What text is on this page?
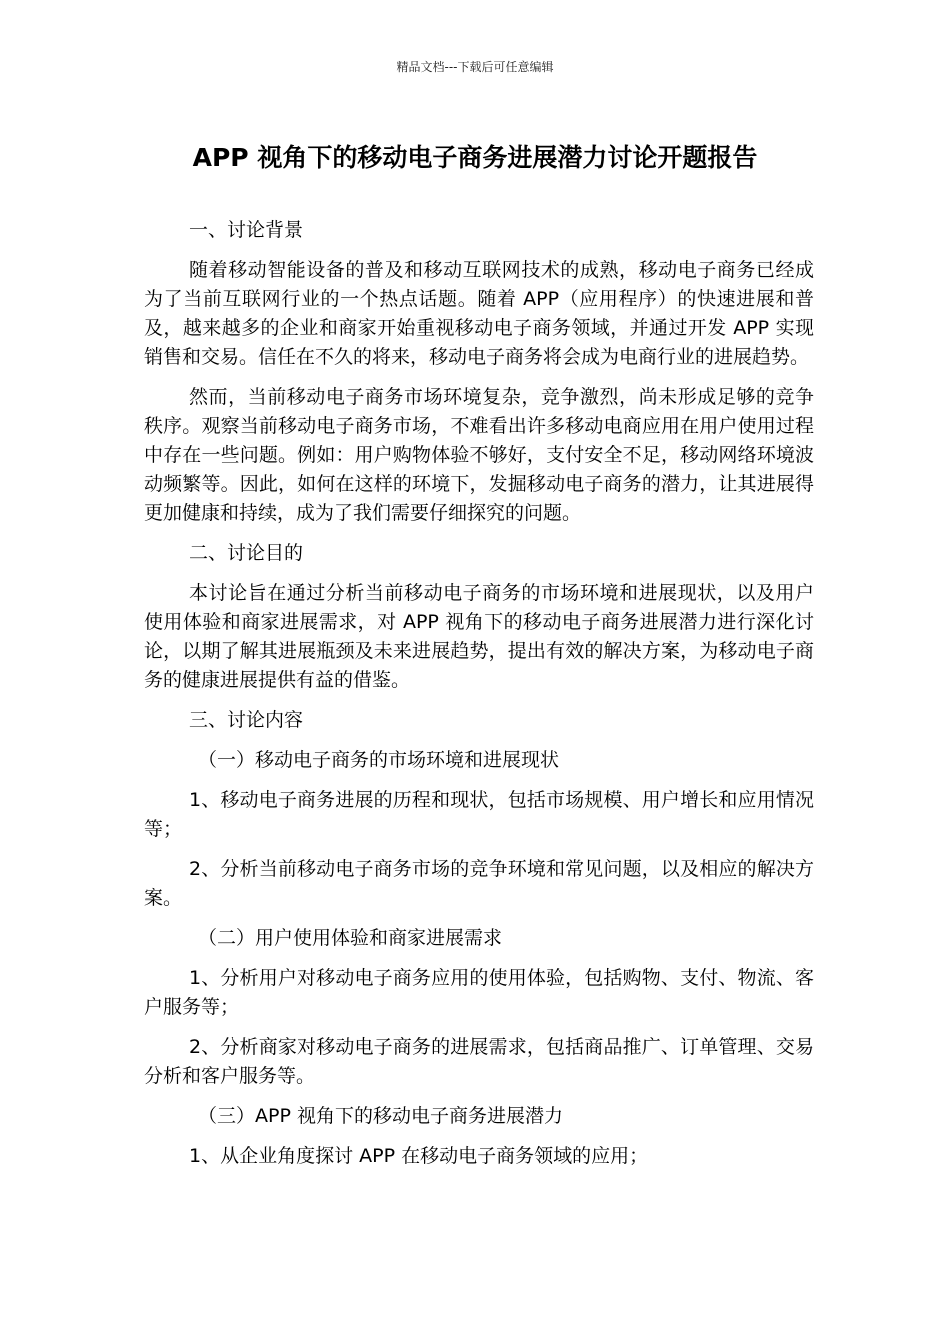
精品文档---下载后可任意编辑
APP 视角下的移动电子商务进展潜力讨论开题报告

一、讨论背景

随着移动智能设备的普及和移动互联网技术的成熟，移动电子商务已经成为了当前互联网行业的一个热点话题。随着 APP（应用程序）的快速进展和普及，越来越多的企业和商家开始重视移动电子商务领域，并通过开发 APP 实现销售和交易。信任在不久的将来，移动电子商务将会成为电商行业的进展趋势。

然而，当前移动电子商务市场环境复杂，竞争激烈，尚未形成足够的竞争秩序。观察当前移动电子商务市场，不难看出许多移动电商应用在用户使用过程中存在一些问题。例如：用户购物体验不够好，支付安全不足，移动网络环境波动频繁等。因此，如何在这样的环境下，发掘移动电子商务的潜力，让其进展得更加健康和持续，成为了我们需要仔细探究的问题。

二、讨论目的

本讨论旨在通过分析当前移动电子商务的市场环境和进展现状，以及用户使用体验和商家进展需求，对 APP 视角下的移动电子商务进展潜力进行深化讨论，以期了解其进展瓶颈及未来进展趋势，提出有效的解决方案，为移动电子商务的健康进展提供有益的借鉴。

三、讨论内容

（一）移动电子商务的市场环境和进展现状

1、移动电子商务进展的历程和现状，包括市场规模、用户增长和应用情况等；

2、分析当前移动电子商务市场的竞争环境和常见问题，以及相应的解决方案。

（二）用户使用体验和商家进展需求

1、分析用户对移动电子商务应用的使用体验，包括购物、支付、物流、客户服务等；

2、分析商家对移动电子商务的进展需求，包括商品推广、订单管理、交易分析和客户服务等。

（三）APP 视角下的移动电子商务进展潜力

1、从企业角度探讨 APP 在移动电子商务领域的应用；
